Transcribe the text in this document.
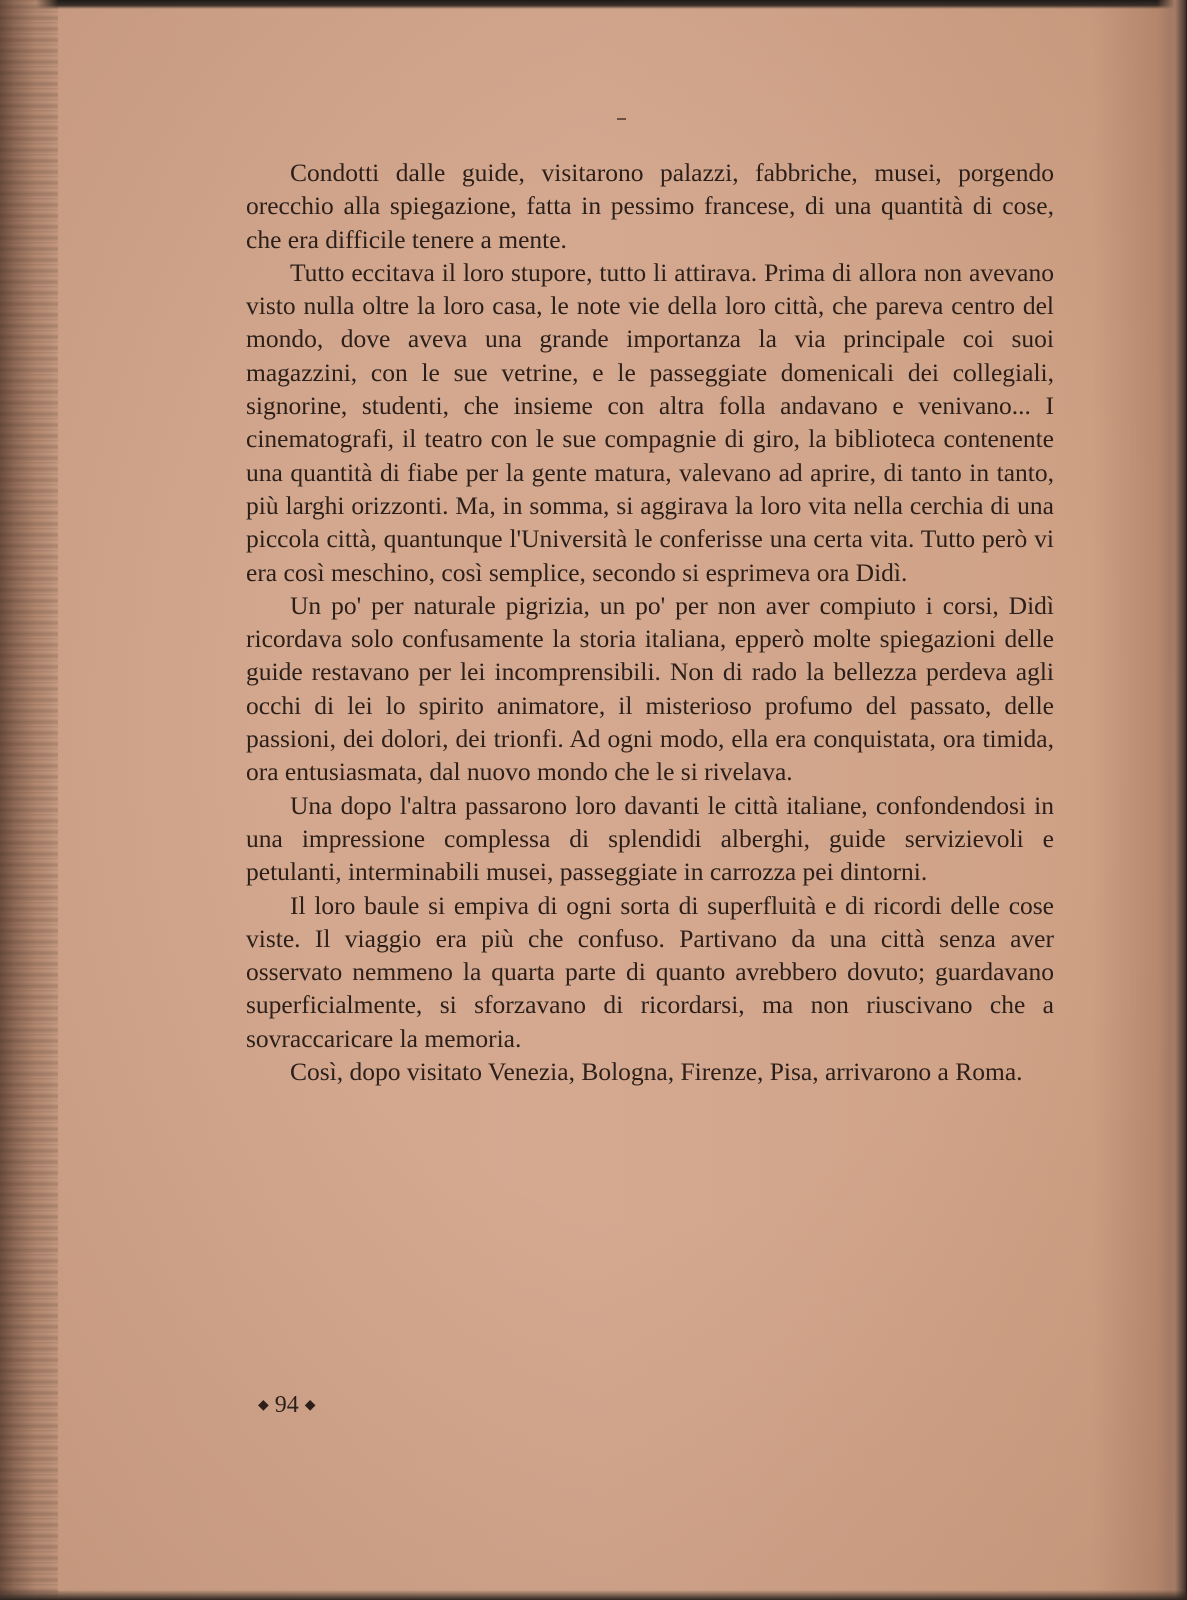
Condotti dalle guide, visitarono palazzi, fabbriche, musei, porgendo orecchio alla spiegazione, fatta in pessimo francese, di una quantità di cose, che era difficile tenere a mente.

Tutto eccitava il loro stupore, tutto li attirava. Prima di allora non avevano visto nulla oltre la loro casa, le note vie della loro città, che pareva centro del mondo, dove aveva una grande importanza la via principale coi suoi magazzini, con le sue vetrine, e le passeggiate domenicali dei collegiali, signorine, studenti, che insieme con altra folla andavano e venivano... I cinematografi, il teatro con le sue compagnie di giro, la biblioteca contenente una quantità di fiabe per la gente matura, valevano ad aprire, di tanto in tanto, più larghi orizzonti. Ma, in somma, si aggirava la loro vita nella cerchia di una piccola città, quantunque l'Università le conferisse una certa vita. Tutto però vi era così meschino, così semplice, secondo si esprimeva ora Didì.

Un po' per naturale pigrizia, un po' per non aver compiuto i corsi, Didì ricordava solo confusamente la storia italiana, epperò molte spiegazioni delle guide restavano per lei incomprensibili. Non di rado la bellezza perdeva agli occhi di lei lo spirito animatore, il misterioso profumo del passato, delle passioni, dei dolori, dei trionfi. Ad ogni modo, ella era conquistata, ora timida, ora entusiasmata, dal nuovo mondo che le si rivelava.

Una dopo l'altra passarono loro davanti le città italiane, confondendosi in una impressione complessa di splendidi alberghi, guide servizievoli e petulanti, interminabili musei, passeggiate in carrozza pei dintorni.

Il loro baule si empiva di ogni sorta di superfluità e di ricordi delle cose viste. Il viaggio era più che confuso. Partivano da una città senza aver osservato nemmeno la quarta parte di quanto avrebbero dovuto; guardavano superficialmente, si sforzavano di ricordarsi, ma non riuscivano che a sovraccaricare la memoria.

Così, dopo visitato Venezia, Bologna, Firenze, Pisa, arrivarono a Roma.

◆ 94 ◆
